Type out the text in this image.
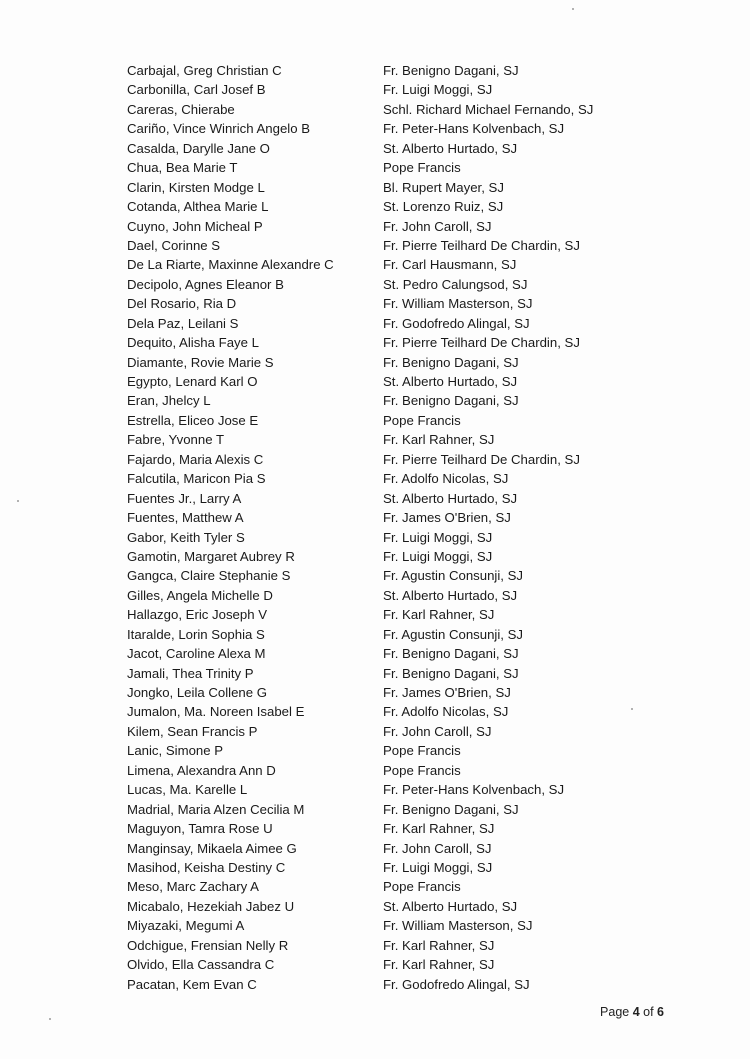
Carbajal, Greg Christian C	Fr. Benigno Dagani, SJ
Carbonilla, Carl Josef B	Fr. Luigi Moggi, SJ
Careras, Chierabe	Schl. Richard Michael Fernando, SJ
Cariño, Vince Winrich Angelo B	Fr. Peter-Hans Kolvenbach, SJ
Casalda, Darylle Jane O	St. Alberto Hurtado, SJ
Chua, Bea Marie T	Pope Francis
Clarin, Kirsten Modge L	Bl. Rupert Mayer, SJ
Cotanda, Althea Marie L	St. Lorenzo Ruiz, SJ
Cuyno, John Micheal P	Fr. John Caroll, SJ
Dael, Corinne S	Fr. Pierre Teilhard De Chardin, SJ
De La Riarte, Maxinne Alexandre C	Fr. Carl Hausmann, SJ
Decipolo, Agnes Eleanor B	St. Pedro Calungsod, SJ
Del Rosario, Ria D	Fr. William Masterson, SJ
Dela Paz, Leilani S	Fr. Godofredo Alingal, SJ
Dequito, Alisha Faye L	Fr. Pierre Teilhard De Chardin, SJ
Diamante, Rovie Marie S	Fr. Benigno Dagani, SJ
Egypto, Lenard Karl O	St. Alberto Hurtado, SJ
Eran, Jhelcy L	Fr. Benigno Dagani, SJ
Estrella, Eliceo Jose E	Pope Francis
Fabre, Yvonne T	Fr. Karl Rahner, SJ
Fajardo, Maria Alexis C	Fr. Pierre Teilhard De Chardin, SJ
Falcutila, Maricon Pia S	Fr. Adolfo Nicolas, SJ
Fuentes Jr., Larry A	St. Alberto Hurtado, SJ
Fuentes, Matthew A	Fr. James O'Brien, SJ
Gabor, Keith Tyler S	Fr. Luigi Moggi, SJ
Gamotin, Margaret Aubrey R	Fr. Luigi Moggi, SJ
Gangca, Claire Stephanie S	Fr. Agustin Consunji, SJ
Gilles, Angela Michelle D	St. Alberto Hurtado, SJ
Hallazgo, Eric Joseph V	Fr. Karl Rahner, SJ
Itaralde, Lorin Sophia S	Fr. Agustin Consunji, SJ
Jacot, Caroline Alexa M	Fr. Benigno Dagani, SJ
Jamali, Thea Trinity P	Fr. Benigno Dagani, SJ
Jongko, Leila Collene G	Fr. James O'Brien, SJ
Jumalon, Ma. Noreen Isabel E	Fr. Adolfo Nicolas, SJ
Kilem, Sean Francis P	Fr. John Caroll, SJ
Lanic, Simone P	Pope Francis
Limena, Alexandra Ann D	Pope Francis
Lucas, Ma. Karelle L	Fr. Peter-Hans Kolvenbach, SJ
Madrial, Maria Alzen Cecilia M	Fr. Benigno Dagani, SJ
Maguyon, Tamra Rose U	Fr. Karl Rahner, SJ
Manginsay, Mikaela Aimee G	Fr. John Caroll, SJ
Masihod, Keisha Destiny C	Fr. Luigi Moggi, SJ
Meso, Marc Zachary A	Pope Francis
Micabalo, Hezekiah Jabez U	St. Alberto Hurtado, SJ
Miyazaki, Megumi A	Fr. William Masterson, SJ
Odchigue, Frensian Nelly R	Fr. Karl Rahner, SJ
Olvido, Ella Cassandra C	Fr. Karl Rahner, SJ
Pacatan, Kem Evan C	Fr. Godofredo Alingal, SJ
Page 4 of 6
